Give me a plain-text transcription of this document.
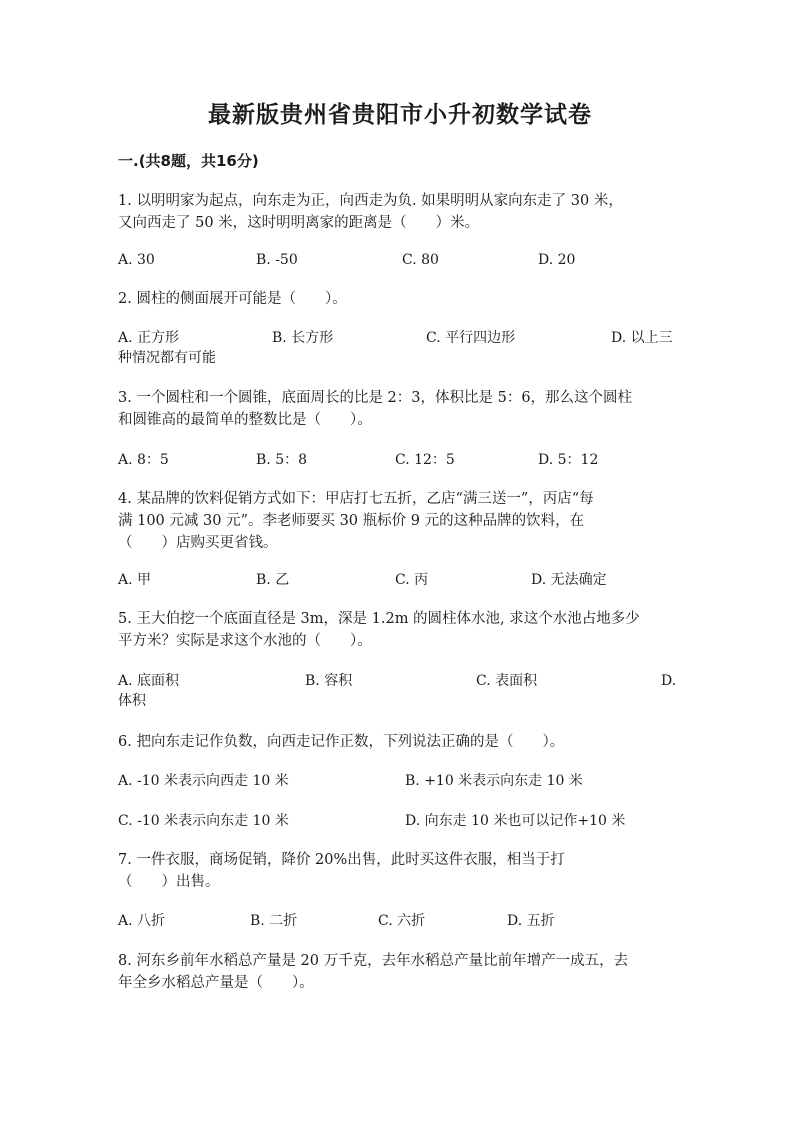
最新版贵州省贵阳市小升初数学试卷
一.(共8题，共16分)
1. 以明明家为起点，向东走为正，向西走为负. 如果明明从家向东走了 30 米，
又向西走了 50 米，这时明明离家的距离是（　　）米。
A. 30	B. -50	C. 80	D. 20
2. 圆柱的侧面展开可能是（　　）。
A. 正方形	B. 长方形	C. 平行四边形	D. 以上三
种情况都有可能
3. 一个圆柱和一个圆锥，底面周长的比是 2：3，体积比是 5：6，那么这个圆柱
和圆锥高的最简单的整数比是（　　）。
A. 8：5	B. 5：8	C. 12：5	D. 5：12
4. 某品牌的饮料促销方式如下：甲店打七五折，乙店“满三送一”，丙店“每
满 100 元减 30 元”。李老师要买 30 瓶标价 9 元的这种品牌的饮料，在
（　　）店购买更省钱。
A. 甲	B. 乙	C. 丙	D. 无法确定
5. 王大伯挖一个底面直径是 3m，深是 1.2m 的圆柱体水池, 求这个水池占地多少
平方米？实际是求这个水池的（　　）。
A. 底面积	B. 容积	C. 表面积	D.
体积
6. 把向东走记作负数，向西走记作正数，下列说法正确的是（　　）。
A. -10 米表示向西走 10 米	B. +10 米表示向东走 10 米
C. -10 米表示向东走 10 米	D. 向东走 10 米也可以记作+10 米
7. 一件衣服，商场促销，降价 20%出售，此时买这件衣服，相当于打
（　　）出售。
A. 八折	B. 二折	C. 六折	D. 五折
8. 河东乡前年水稻总产量是 20 万千克，去年水稻总产量比前年增产一成五，去
年全乡水稻总产量是（　　）。
